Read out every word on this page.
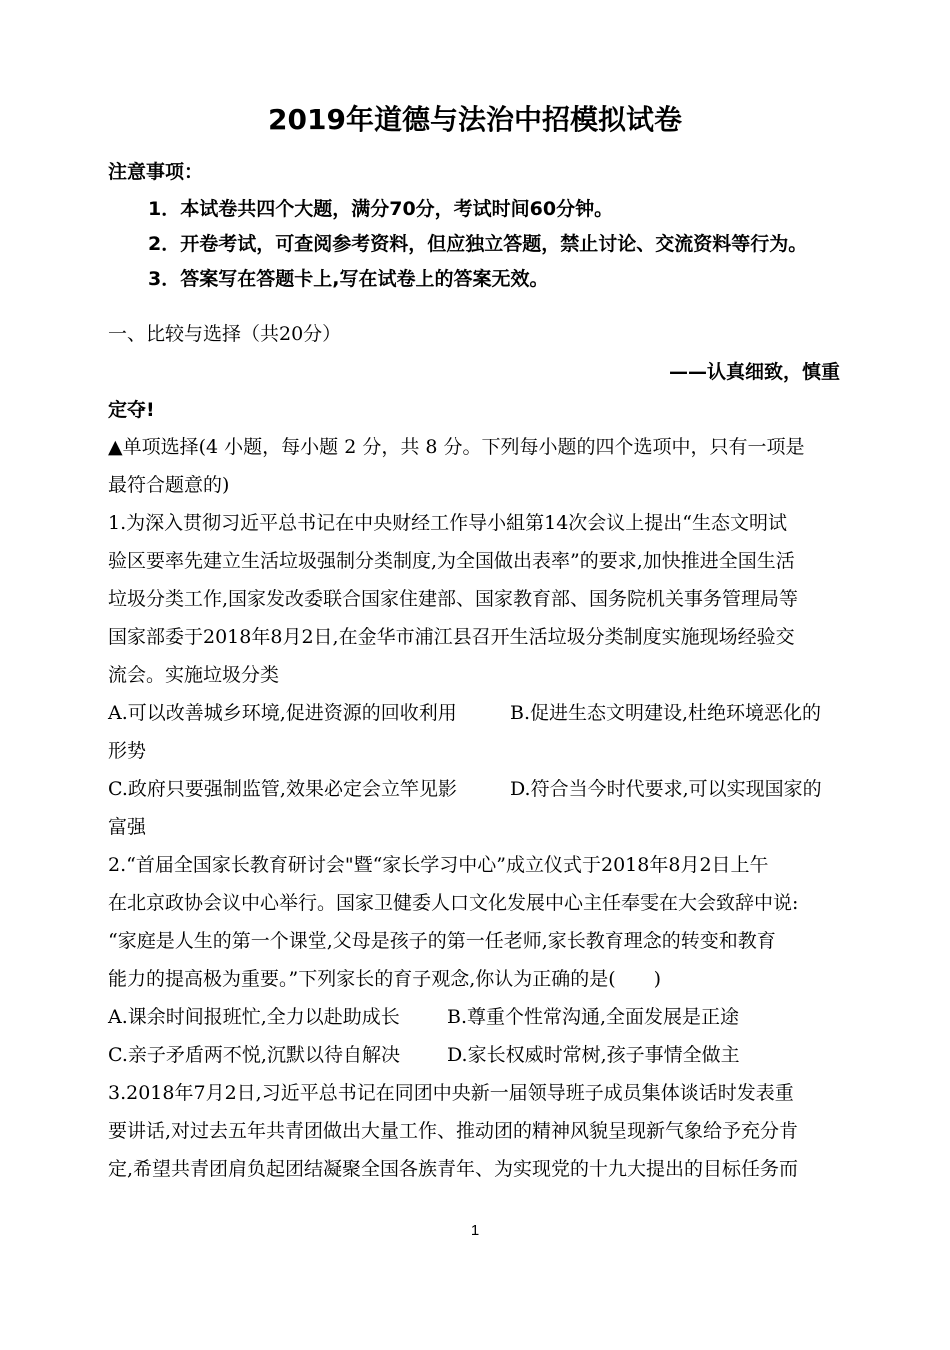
2019年道德与法治中招模拟试卷
注意事项：
1．本试卷共四个大题，满分70分，考试时间60分钟。
2．开卷考试，可查阅参考资料，但应独立答题，禁止讨论、交流资料等行为。
3．答案写在答题卡上,写在试卷上的答案无效。
一、比较与选择（共20分）
——认真细致，慎重
定夺!
▲单项选择(4 小题，每小题 2 分，共 8 分。下列每小题的四个选项中，只有一项是
最符合题意的)
1.为深入贯彻习近平总书记在中央财经工作导小組第14次会议上提出“生态文明试
验区要率先建立生活垃圾强制分类制度,为全国做出表率”的要求,加快推进全国生活
垃圾分类工作,国家发改委联合国家住建部、国家教育部、国务院机关事务管理局等
国家部委于2018年8月2日,在金华市浦江县召开生活垃圾分类制度实施现场经验交
流会。实施垃圾分类
A.可以改善城乡环境,促进资源的回收利用	B.促进生态文明建设,杜绝环境恶化的
形势
C.政府只要强制监管,效果必定会立竿见影	D.符合当今时代要求,可以实现国家的
富强
2.“首届全国家长教育研讨会"暨“家长学习中心”成立仪式于2018年8月2日上午
在北京政协会议中心举行。国家卫健委人口文化发展中心主任奉雯在大会致辞中说:
“家庭是人生的第一个课堂,父母是孩子的第一任老师,家长教育理念的转变和教育
能力的提高极为重要。”下列家长的育子观念,你认为正确的是(　　)
A.课余时间报班忙,全力以赴助成长 B.尊重个性常沟通,全面发展是正途
C.亲子矛盾两不悦,沉默以待自解决 D.家长权威时常树,孩子事情全做主
3.2018年7月2日,习近平总书记在同团中央新一届领导班子成员集体谈话时发表重
要讲话,对过去五年共青团做出大量工作、推动团的精神风貌呈现新气象给予充分肯
定,希望共青团肩负起团结凝聚全国各族青年、为实现党的十九大提出的目标任务而
1
